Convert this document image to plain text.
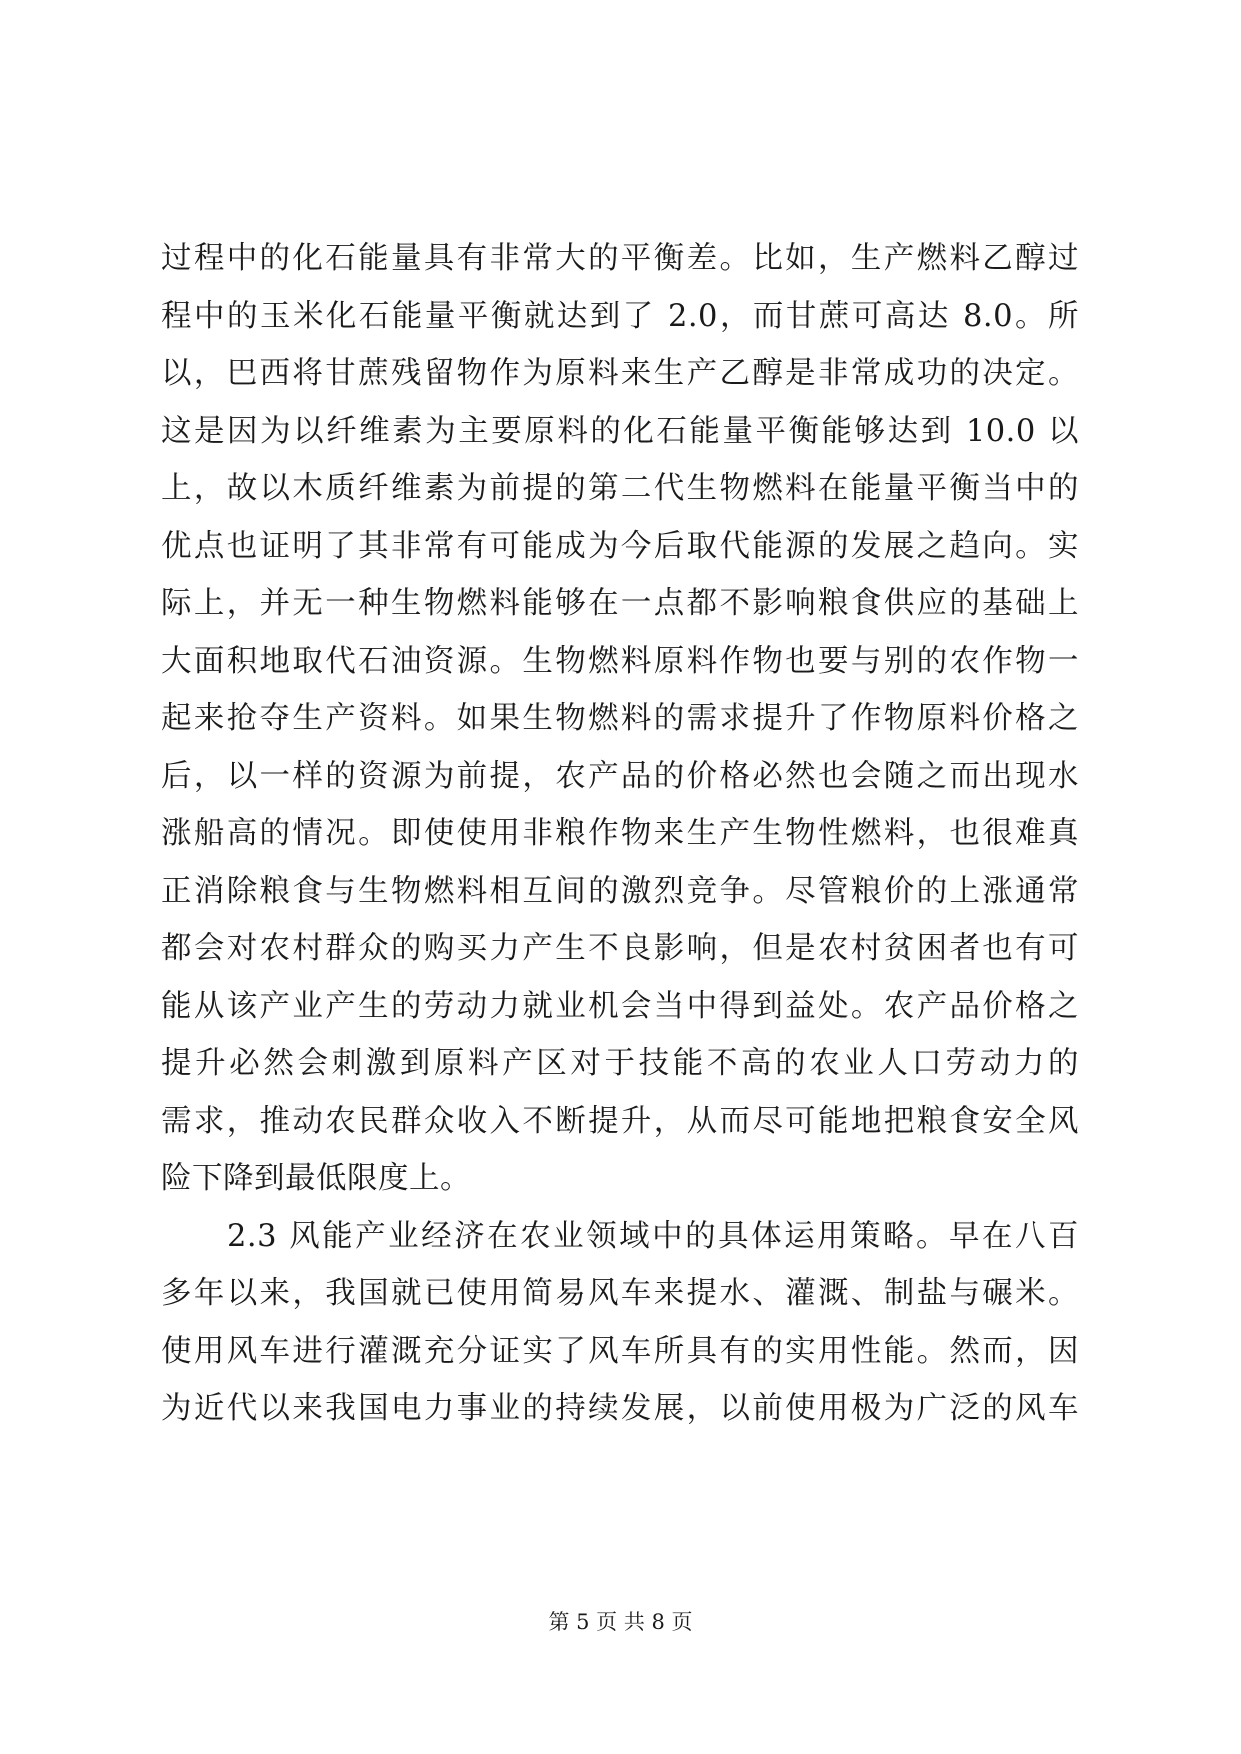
过程中的化石能量具有非常大的平衡差。比如，生产燃料乙醇过
程中的玉米化石能量平衡就达到了 2.0，而甘蔗可高达 8.0。所
以，巴西将甘蔗残留物作为原料来生产乙醇是非常成功的决定。
这是因为以纤维素为主要原料的化石能量平衡能够达到 10.0 以
上，故以木质纤维素为前提的第二代生物燃料在能量平衡当中的
优点也证明了其非常有可能成为今后取代能源的发展之趋向。实
际上，并无一种生物燃料能够在一点都不影响粮食供应的基础上
大面积地取代石油资源。生物燃料原料作物也要与别的农作物一
起来抢夺生产资料。如果生物燃料的需求提升了作物原料价格之
后，以一样的资源为前提，农产品的价格必然也会随之而出现水
涨船高的情况。即使使用非粮作物来生产生物性燃料，也很难真
正消除粮食与生物燃料相互间的激烈竞争。尽管粮价的上涨通常
都会对农村群众的购买力产生不良影响，但是农村贫困者也有可
能从该产业产生的劳动力就业机会当中得到益处。农产品价格之
提升必然会刺激到原料产区对于技能不高的农业人口劳动力的
需求，推动农民群众收入不断提升，从而尽可能地把粮食安全风
险下降到最低限度上。
2.3 风能产业经济在农业领域中的具体运用策略。早在八百
多年以来，我国就已使用简易风车来提水、灌溉、制盐与碾米。
使用风车进行灌溉充分证实了风车所具有的实用性能。然而，因
为近代以来我国电力事业的持续发展，以前使用极为广泛的风车
第 5 页 共 8 页
